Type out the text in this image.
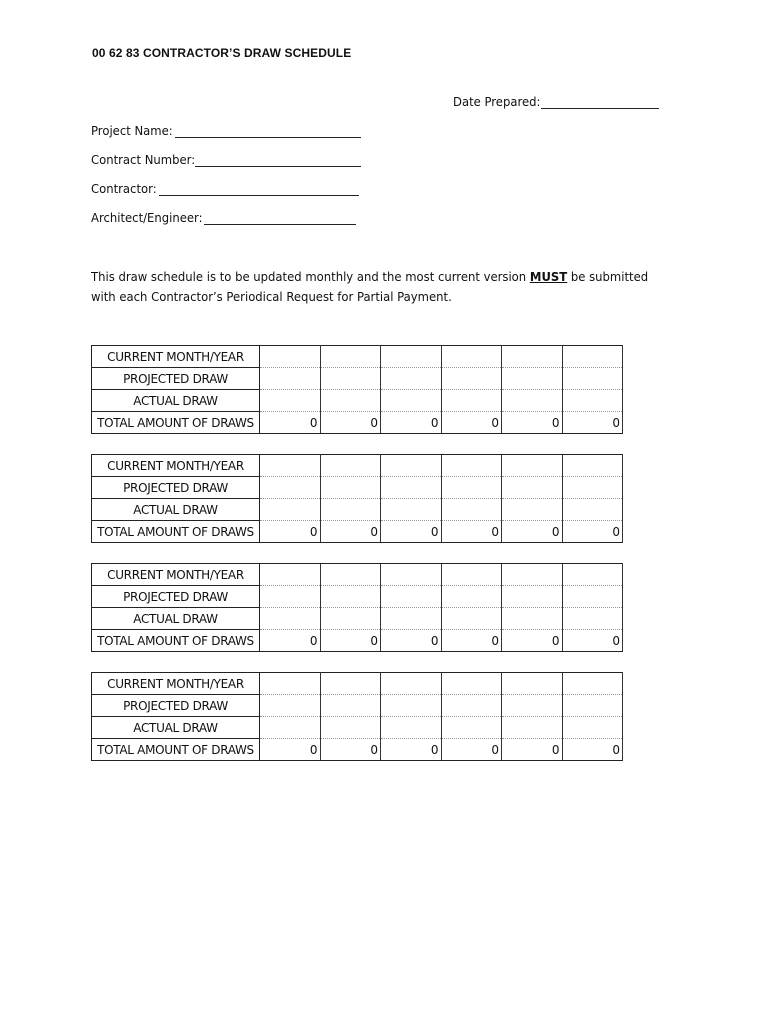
00 62 83 CONTRACTOR’S DRAW SCHEDULE
Date Prepared:
Project Name:
Contract Number:
Contractor:
Architect/Engineer:

This draw schedule is to be updated monthly and the most current version MUST be submitted with each Contractor’s Periodical Request for Partial Payment.

CURRENT MONTH/YEAR						
PROJECTED DRAW						
ACTUAL DRAW						
TOTAL AMOUNT OF DRAWS	0	0	0	0	0	0
CURRENT MONTH/YEAR						
PROJECTED DRAW						
ACTUAL DRAW						
TOTAL AMOUNT OF DRAWS	0	0	0	0	0	0
CURRENT MONTH/YEAR						
PROJECTED DRAW						
ACTUAL DRAW						
TOTAL AMOUNT OF DRAWS	0	0	0	0	0	0
CURRENT MONTH/YEAR						
PROJECTED DRAW						
ACTUAL DRAW						
TOTAL AMOUNT OF DRAWS	0	0	0	0	0	0
